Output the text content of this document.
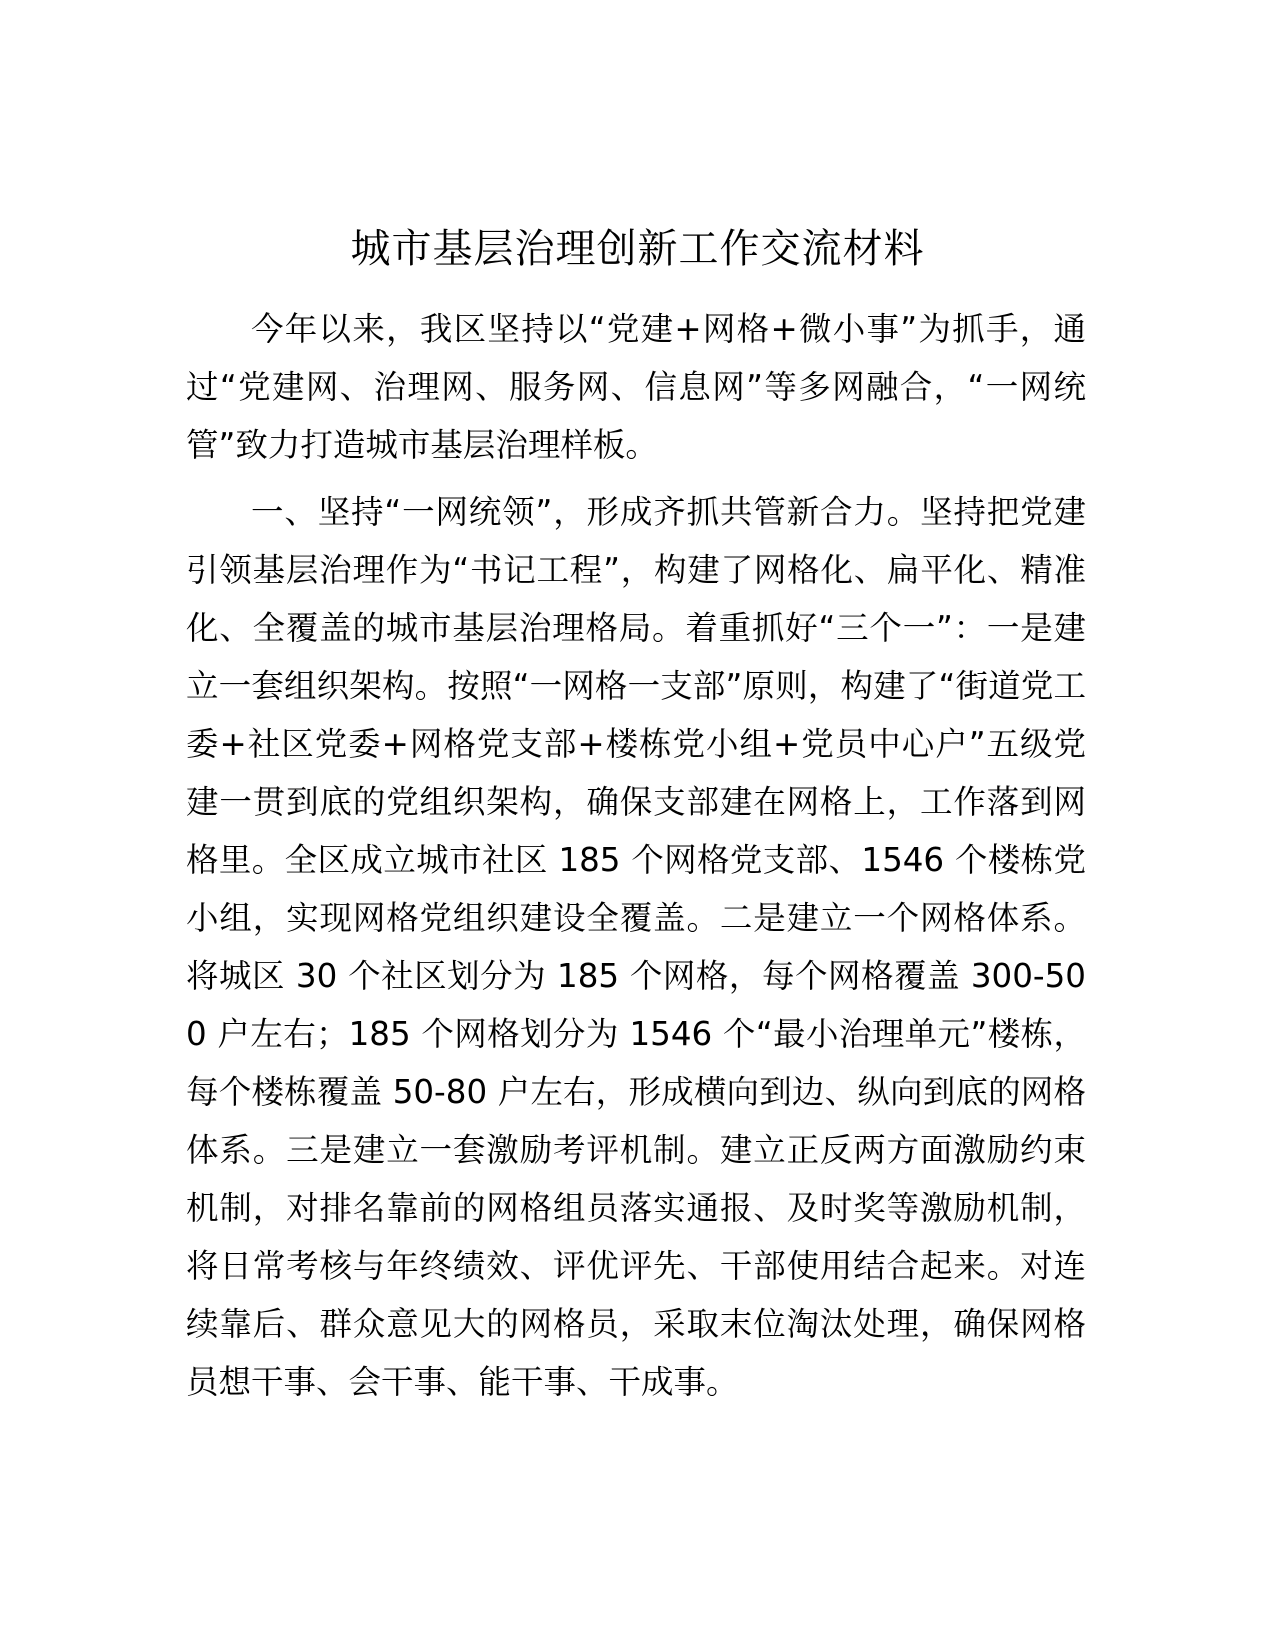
城市基层治理创新工作交流材料

今年以来，我区坚持以“党建+网格+微小事”为抓手，通过“党建网、治理网、服务网、信息网”等多网融合，“一网统管”致力打造城市基层治理样板。

一、坚持“一网统领”，形成齐抓共管新合力。坚持把党建引领基层治理作为“书记工程”，构建了网格化、扁平化、精准化、全覆盖的城市基层治理格局。着重抓好“三个一”：一是建立一套组织架构。按照“一网格一支部”原则，构建了“街道党工委+社区党委+网格党支部+楼栋党小组+党员中心户”五级党建一贯到底的党组织架构，确保支部建在网格上，工作落到网格里。全区成立城市社区 185 个网格党支部、1546 个楼栋党小组，实现网格党组织建设全覆盖。二是建立一个网格体系。将城区 30 个社区划分为 185 个网格，每个网格覆盖 300-500 户左右；185 个网格划分为 1546 个“最小治理单元”楼栋，每个楼栋覆盖 50-80 户左右，形成横向到边、纵向到底的网格体系。三是建立一套激励考评机制。建立正反两方面激励约束机制，对排名靠前的网格组员落实通报、及时奖等激励机制，将日常考核与年终绩效、评优评先、干部使用结合起来。对连续靠后、群众意见大的网格员，采取末位淘汰处理，确保网格员想干事、会干事、能干事、干成事。
